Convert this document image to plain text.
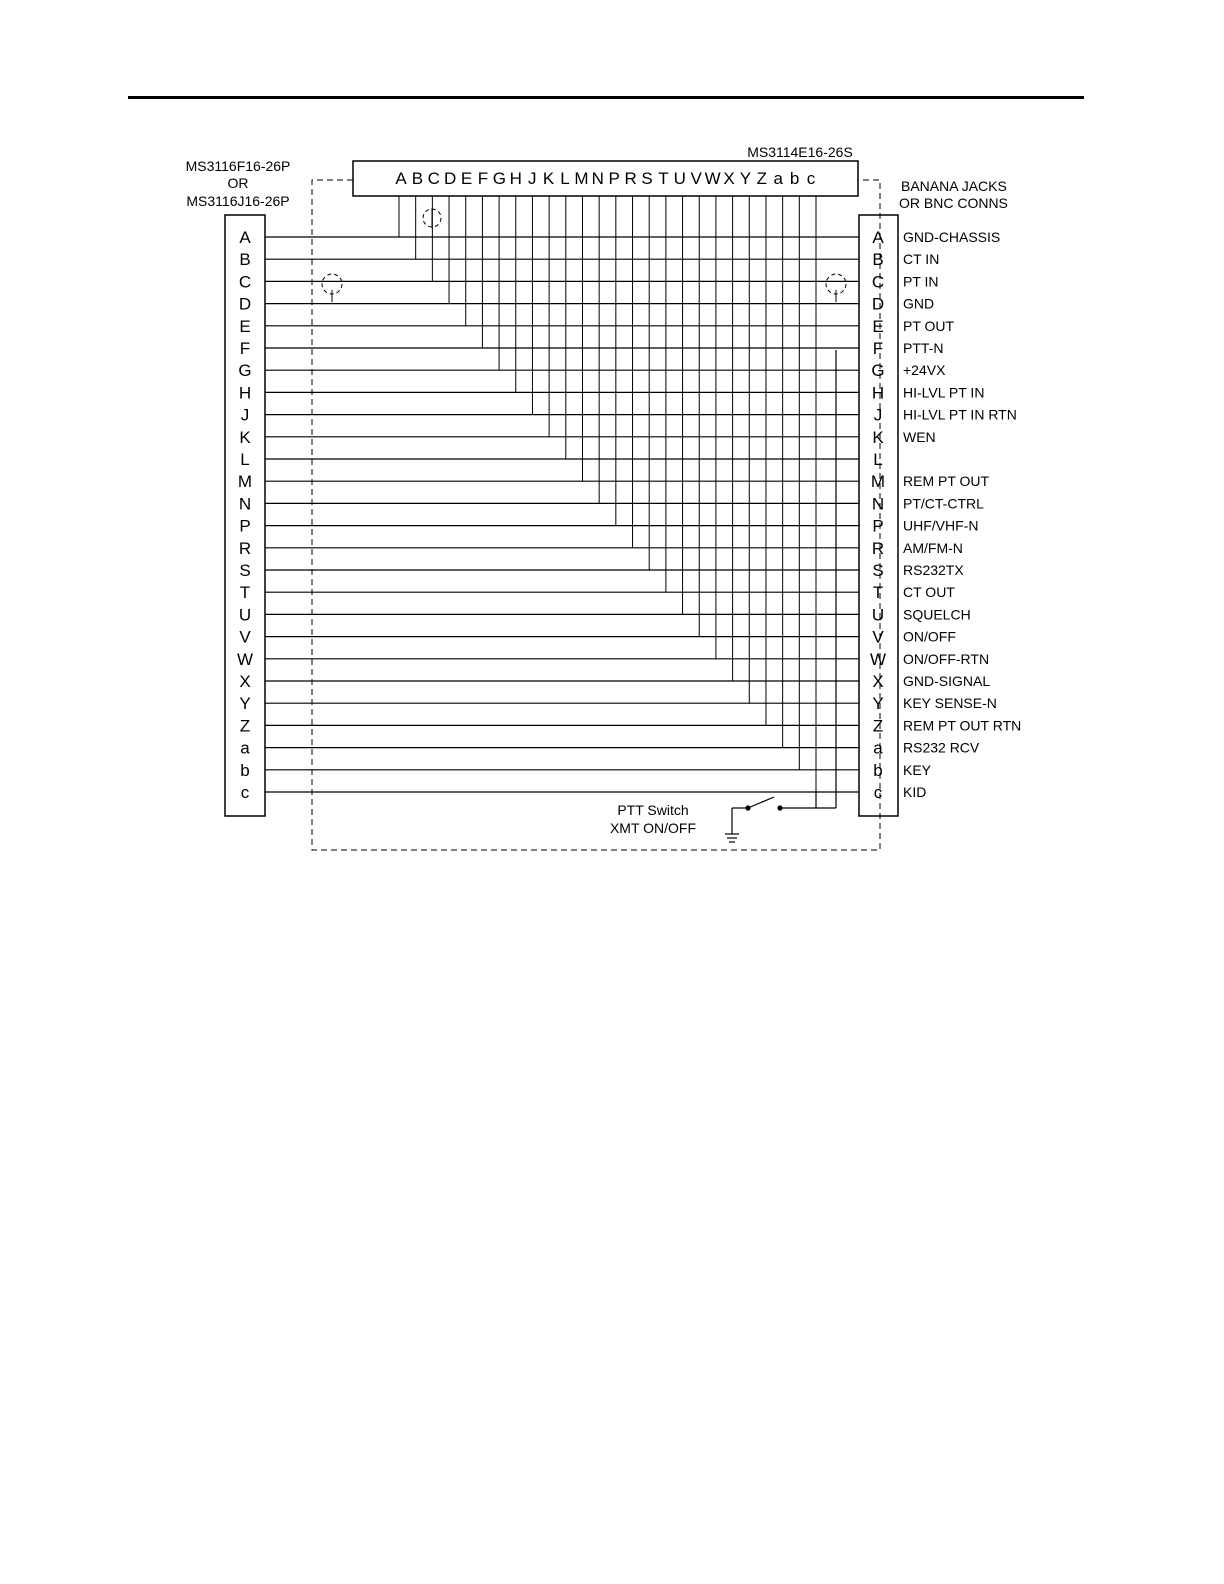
MS3116F16-26P
OR
MS3116J16-26P
MS3114E16-26S
BANANA JACKS
OR BNC CONNS
A
B
C
D
E
F
G
H
J
K
L
M
N
P
R
S
T
U
V
W
X
Y
Z
a
b
c
A
B
C
D
E
F
G
H
J
K
L
M
N
P
R
S
T
U
V
W
X
Y
Z
a
b
c
A B C D E F G H J K L M N P R S T U V W X Y Z a b c
GND-CHASSIS
CT IN
PT IN
GND
PT OUT
PTT-N
+24VX
HI-LVL PT IN
HI-LVL PT IN RTN
WEN
REM PT OUT
PT/CT-CTRL
UHF/VHF-N
AM/FM-N
RS232TX
CT OUT
SQUELCH
ON/OFF
ON/OFF-RTN
GND-SIGNAL
KEY SENSE-N
REM PT OUT RTN
RS232 RCV
KEY
KID
PTT Switch
XMT ON/OFF
